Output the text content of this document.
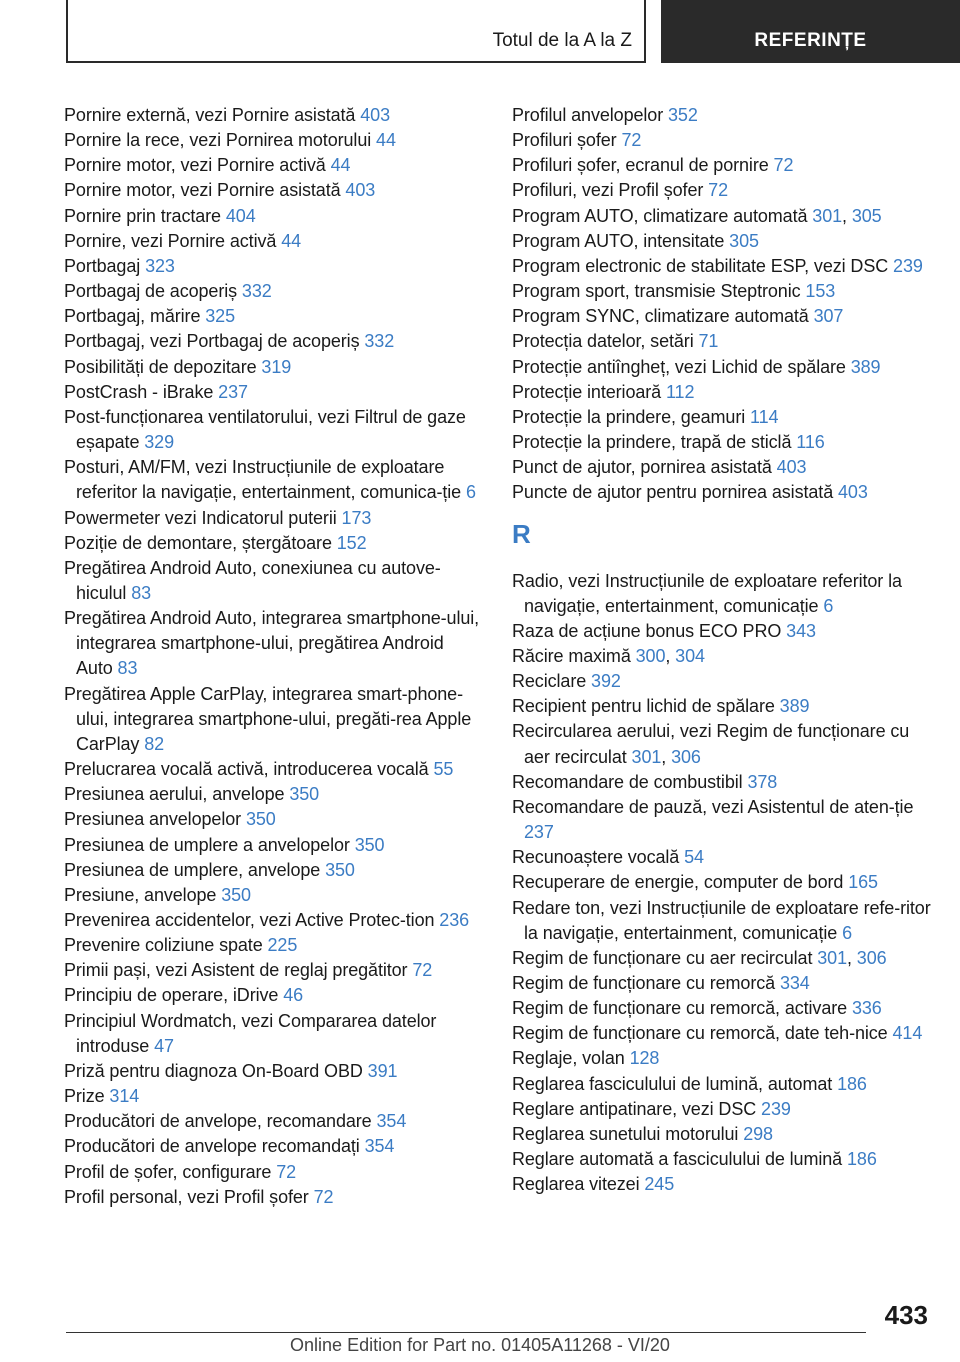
Totul de la A la Z	REFERINȚE
Pornire externă, vezi Pornire asistată 403
Pornire la rece, vezi Pornirea motorului 44
Pornire motor, vezi Pornire activă 44
Pornire motor, vezi Pornire asistată 403
Pornire prin tractare 404
Pornire, vezi Pornire activă 44
Portbagaj 323
Portbagaj de acoperiș 332
Portbagaj, mărire 325
Portbagaj, vezi Portbagaj de acoperiș 332
Posibilități de depozitare 319
PostCrash - iBrake 237
Post-funcționarea ventilatorului, vezi Filtrul de gaze eșapate 329
Posturi, AM/FM, vezi Instrucțiunile de exploatare referitor la navigație, entertainment, comunica-ție 6
Powermeter vezi Indicatorul puterii 173
Poziție de demontare, ștergătoare 152
Pregătirea Android Auto, conexiunea cu autove-hiculul 83
Pregătirea Android Auto, integrarea smartphone-ului, integrarea smartphone-ului, pregătirea Android Auto 83
Pregătirea Apple CarPlay, integrarea smart-phone-ului, integrarea smartphone-ului, pregăti-rea Apple CarPlay 82
Prelucrarea vocală activă, introducerea vocală 55
Presiunea aerului, anvelope 350
Presiunea anvelopelor 350
Presiunea de umplere a anvelopelor 350
Presiunea de umplere, anvelope 350
Presiune, anvelope 350
Prevenirea accidentelor, vezi Active Protec-tion 236
Prevenire coliziune spate 225
Primii pași, vezi Asistent de reglaj pregătitor 72
Principiu de operare, iDrive 46
Principiul Wordmatch, vezi Compararea datelor introduse 47
Priză pentru diagnoza On-Board OBD 391
Prize 314
Producători de anvelope, recomandare 354
Producători de anvelope recomandați 354
Profil de șofer, configurare 72
Profil personal, vezi Profil șofer 72
Profilul anvelopelor 352
Profiluri șofer 72
Profiluri șofer, ecranul de pornire 72
Profiluri, vezi Profil șofer 72
Program AUTO, climatizare automată 301, 305
Program AUTO, intensitate 305
Program electronic de stabilitate ESP, vezi DSC 239
Program sport, transmisie Steptronic 153
Program SYNC, climatizare automată 307
Protecția datelor, setări 71
Protecție antiîngheț, vezi Lichid de spălare 389
Protecție interioară 112
Protecție la prindere, geamuri 114
Protecție la prindere, trapă de sticlă 116
Punct de ajutor, pornirea asistată 403
Puncte de ajutor pentru pornirea asistată 403
R
Radio, vezi Instrucțiunile de exploatare referitor la navigație, entertainment, comunicație 6
Raza de acțiune bonus ECO PRO 343
Răcire maximă 300, 304
Reciclare 392
Recipient pentru lichid de spălare 389
Recircularea aerului, vezi Regim de funcționare cu aer recirculat 301, 306
Recomandare de combustibil 378
Recomandare de pauză, vezi Asistentul de aten-ție 237
Recunoaștere vocală 54
Recuperare de energie, computer de bord 165
Redare ton, vezi Instrucțiunile de exploatare refe-ritor la navigație, entertainment, comunicație 6
Regim de funcționare cu aer recirculat 301, 306
Regim de funcționare cu remorcă 334
Regim de funcționare cu remorcă, activare 336
Regim de funcționare cu remorcă, date teh-nice 414
Reglaje, volan 128
Reglarea fasciculului de lumină, automat 186
Reglare antipatinare, vezi DSC 239
Reglarea sunetului motorului 298
Reglare automată a fasciculului de lumină 186
Reglarea vitezei 245
433
Online Edition for Part no. 01405A11268 - VI/20
